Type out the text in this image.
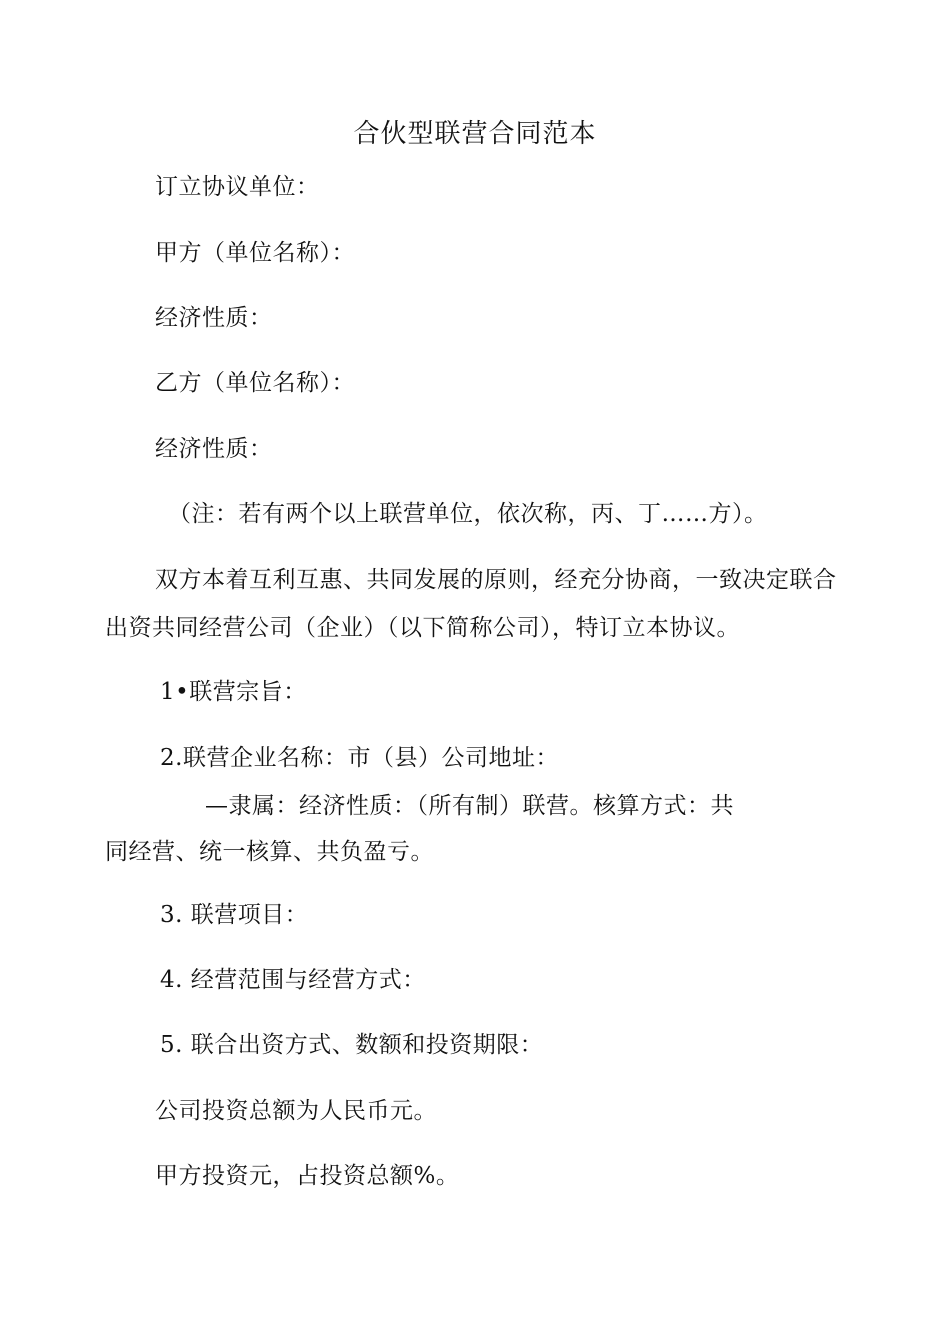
合伙型联营合同范本
订立协议单位：
甲方（单位名称）：
经济性质：
乙方（单位名称）：
经济性质：
（注：若有两个以上联营单位，依次称，丙、丁……方）。
双方本着互利互惠、共同发展的原则，经充分协商，一致决定联合
出资共同经营公司（企业）（以下简称公司），特订立本协议。
1•联营宗旨：
2.联营企业名称：市（县）公司地址：
—隶属：经济性质：（所有制）联营。核算方式：共
同经营、统一核算、共负盈亏。
3. 联营项目：
4. 经营范围与经营方式：
5. 联合出资方式、数额和投资期限：
公司投资总额为人民币元。
甲方投资元，占投资总额%。
